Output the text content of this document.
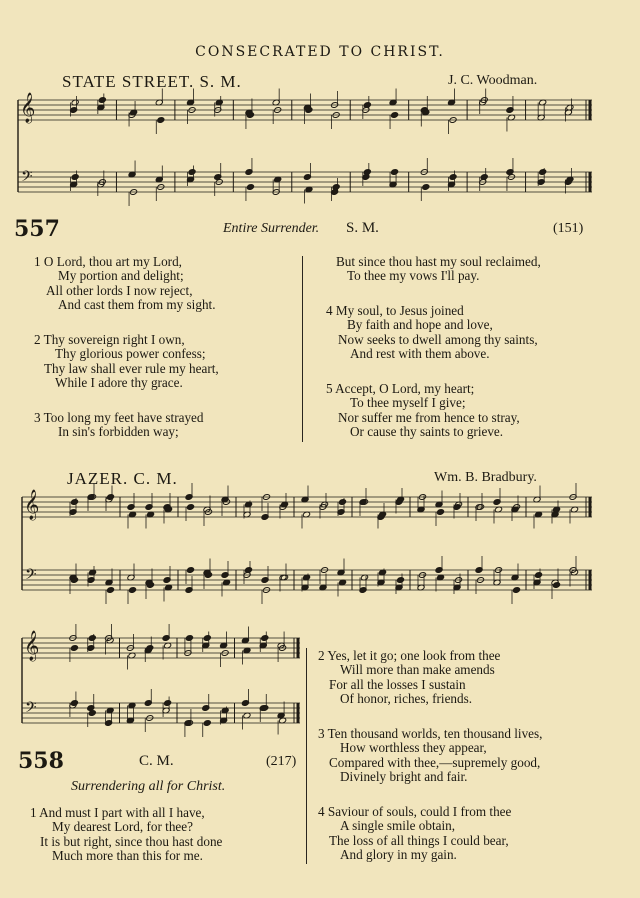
CONSECRATED TO CHRIST.
STATE STREET. S. M.	J. C. Woodman.
𝄞
𝄢
𝄞
𝄢
𝄞
𝄢
557	Entire Surrender. S. M.	(151)
1 O Lord, thou art my Lord,
My portion and delight;
All other lords I now reject,
And cast them from my sight.
2 Thy sovereign right I own,
Thy glorious power confess;
Thy law shall ever rule my heart,
While I adore thy grace.
3 Too long my feet have strayed
In sin's forbidden way;
But since thou hast my soul reclaimed,
To thee my vows I'll pay.
4 My soul, to Jesus joined
By faith and hope and love,
Now seeks to dwell among thy saints,
And rest with them above.
5 Accept, O Lord, my heart;
To thee myself I give;
Nor suffer me from hence to stray,
Or cause thy saints to grieve.
JAZER. C. M.	Wm. B. Bradbury.
558	C. M.	(217)
Surrendering all for Christ.
1 And must I part with all I have,
My dearest Lord, for thee?
It is but right, since thou hast done
Much more than this for me.
2 Yes, let it go; one look from thee
Will more than make amends
For all the losses I sustain
Of honor, riches, friends.
3 Ten thousand worlds, ten thousand lives,
How worthless they appear,
Compared with thee,—supremely good,
Divinely bright and fair.
4 Saviour of souls, could I from thee
A single smile obtain,
The loss of all things I could bear,
And glory in my gain.
